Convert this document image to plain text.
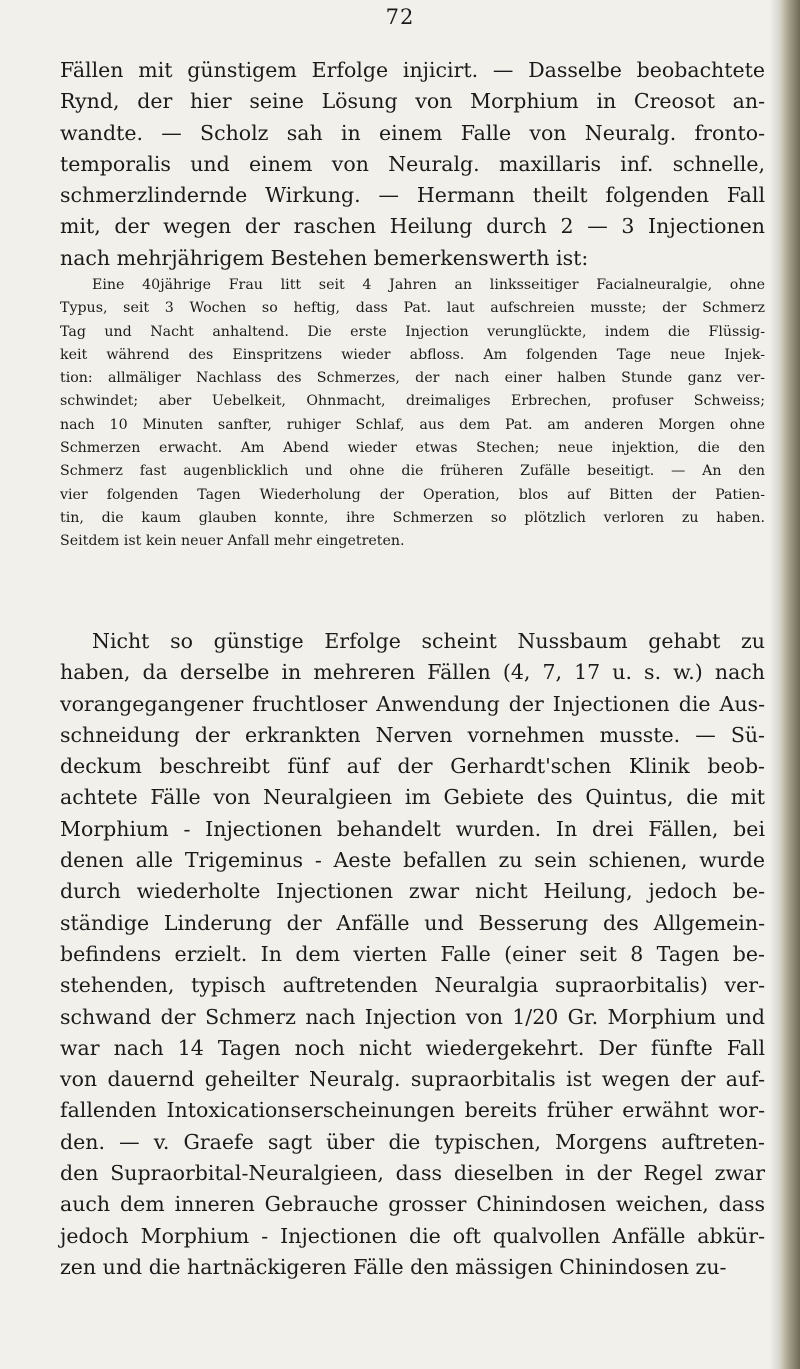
72

Fällen mit günstigem Erfolge injicirt. — Dasselbe beobachtete
Rynd, der hier seine Lösung von Morphium in Creosot an-
wandte. — Scholz sah in einem Falle von Neuralg. fronto-
temporalis und einem von Neuralg. maxillaris inf. schnelle,
schmerzlindernde Wirkung. — Hermann theilt folgenden Fall
mit, der wegen der raschen Heilung durch 2 — 3 Injectionen
nach mehrjährigem Bestehen bemerkenswerth ist:

Eine 40jährige Frau litt seit 4 Jahren an linksseitiger Facialneuralgie, ohne
Typus, seit 3 Wochen so heftig, dass Pat. laut aufschreien musste; der Schmerz
Tag und Nacht anhaltend. Die erste Injection verunglückte, indem die Flüssig-
keit während des Einspritzens wieder abfloss. Am folgenden Tage neue Injek-
tion: allmäliger Nachlass des Schmerzes, der nach einer halben Stunde ganz ver-
schwindet; aber Uebelkeit, Ohnmacht, dreimaliges Erbrechen, profuser Schweiss;
nach 10 Minuten sanfter, ruhiger Schlaf, aus dem Pat. am anderen Morgen ohne
Schmerzen erwacht. Am Abend wieder etwas Stechen; neue injektion, die den
Schmerz fast augenblicklich und ohne die früheren Zufälle beseitigt. — An den
vier folgenden Tagen Wiederholung der Operation, blos auf Bitten der Patien-
tin, die kaum glauben konnte, ihre Schmerzen so plötzlich verloren zu haben.
Seitdem ist kein neuer Anfall mehr eingetreten.

Nicht so günstige Erfolge scheint Nussbaum gehabt zu
haben, da derselbe in mehreren Fällen (4, 7, 17 u. s. w.) nach
vorangegangener fruchtloser Anwendung der Injectionen die Aus-
schneidung der erkrankten Nerven vornehmen musste. — Sü-
deckum beschreibt fünf auf der Gerhardt'schen Klinik beob-
achtete Fälle von Neuralgieen im Gebiete des Quintus, die mit
Morphium - Injectionen behandelt wurden. In drei Fällen, bei
denen alle Trigeminus - Aeste befallen zu sein schienen, wurde
durch wiederholte Injectionen zwar nicht Heilung, jedoch be-
ständige Linderung der Anfälle und Besserung des Allgemein-
befindens erzielt. In dem vierten Falle (einer seit 8 Tagen be-
stehenden, typisch auftretenden Neuralgia supraorbitalis) ver-
schwand der Schmerz nach Injection von 1/20 Gr. Morphium und
war nach 14 Tagen noch nicht wiedergekehrt. Der fünfte Fall
von dauernd geheilter Neuralg. supraorbitalis ist wegen der auf-
fallenden Intoxicationserscheinungen bereits früher erwähnt wor-
den. — v. Graefe sagt über die typischen, Morgens auftreten-
den Supraorbital-Neuralgieen, dass dieselben in der Regel zwar
auch dem inneren Gebrauche grosser Chinindosen weichen, dass
jedoch Morphium - Injectionen die oft qualvollen Anfälle abkür-
zen und die hartnäckigeren Fälle den mässigen Chinindosen zu-
